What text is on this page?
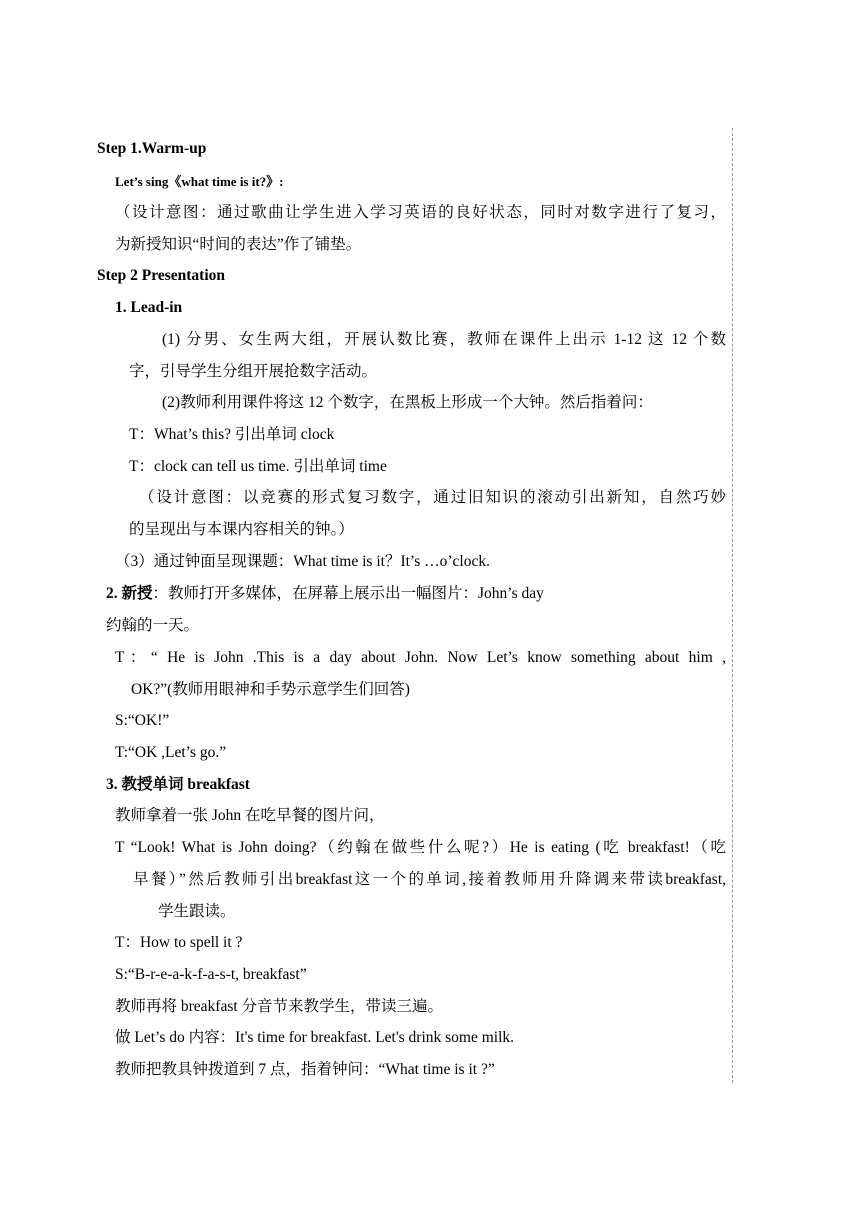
Step 1.Warm-up
Let’s sing《what time is it?》:
（设计意图：通过歌曲让学生进入学习英语的良好状态，同时对数字进行了复习，
为新授知识“时间的表达”作了铺垫。
Step 2 Presentation
1. Lead-in
(1) 分男、女生两大组，开展认数比赛，教师在课件上出示 1-12 这 12 个数
字，引导学生分组开展抢数字活动。
(2)教师利用课件将这 12 个数字，在黑板上形成一个大钟。然后指着问：
T：What’s this? 引出单词 clock
T：clock can tell us time. 引出单词 time
（设计意图：以竞赛的形式复习数字，通过旧知识的滚动引出新知，自然巧妙
的呈现出与本课内容相关的钟。）
（3）通过钟面呈现课题：What time is it？It’s …o’clock.
2. 新授：教师打开多媒体，在屏幕上展示出一幅图片：John’s day
约翰的一天。
T：“ He is John .This is a day about John. Now Let’s know something about him ,
OK?”(教师用眼神和手势示意学生们回答)
S:“OK!”
T:“OK ,Let’s go.”
3. 教授单词 breakfast
教师拿着一张 John 在吃早餐的图片问，
T “Look! What is John doing?（约翰在做些什么呢?）He is eating (吃 breakfast!（吃
早餐）”然后教师引出breakfast这一个的单词,接着教师用升降调来带读breakfast,
学生跟读。
T：How to spell it ?
S:“B-r-e-a-k-f-a-s-t, breakfast”
教师再将 breakfast 分音节来教学生，带读三遍。
做 Let’s do 内容：It's time for breakfast. Let's drink some milk.
教师把教具钟拨道到 7 点，指着钟问：“What time is it ?”
